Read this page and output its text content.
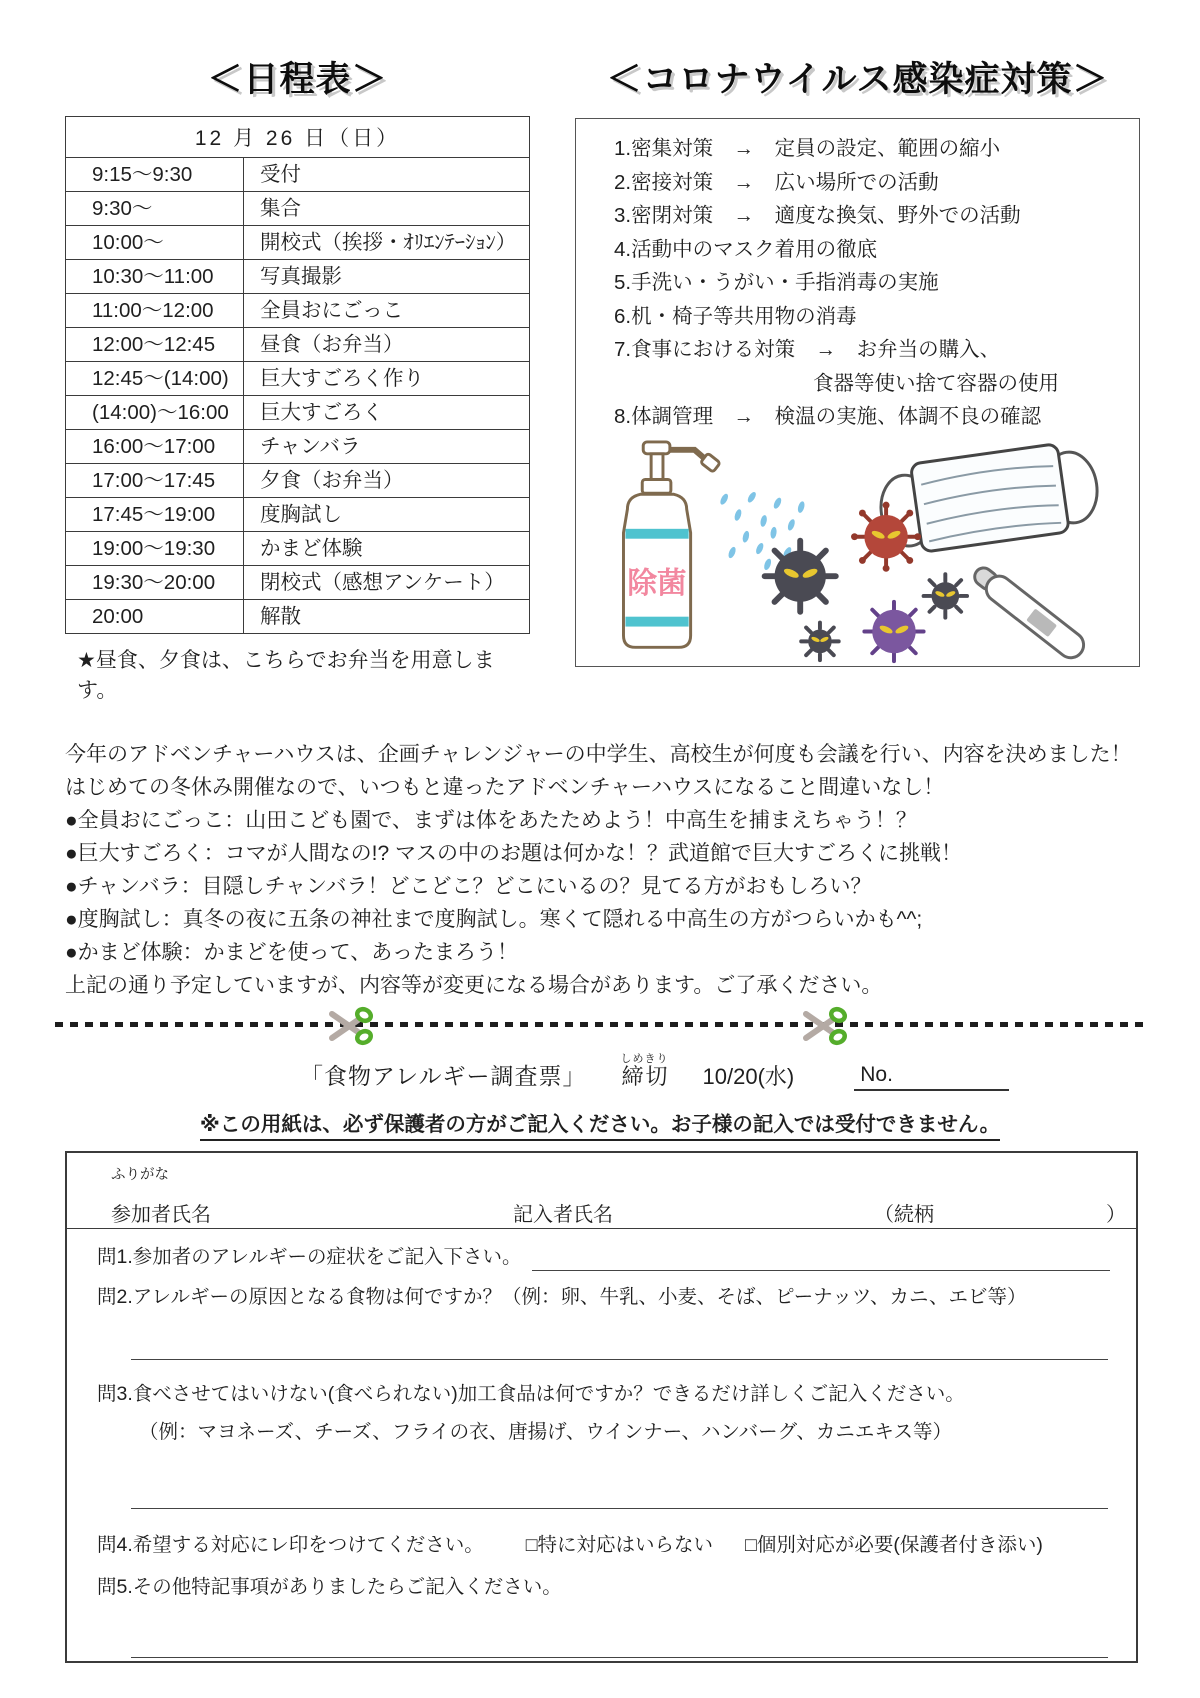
＜日程表＞
12 月 26 日（日）	
9:15～9:30	受付
9:30～	集合
10:00～	開校式（挨拶・ｵﾘｴﾝﾃｰｼｮﾝ）
10:30～11:00	写真撮影
11:00～12:00	全員おにごっこ
12:00～12:45	昼食（お弁当）
12:45～(14:00)	巨大すごろく作り
(14:00)～16:00	巨大すごろく
16:00～17:00	チャンバラ
17:00～17:45	夕食（お弁当）
17:45～19:00	度胸試し
19:00～19:30	かまど体験
19:30～20:00	閉校式（感想アンケート）
20:00	解散

★昼食、夕食は、こちらでお弁当を用意します。

＜コロナウイルス感染症対策＞
1.密集対策　→　定員の設定、範囲の縮小
2.密接対策　→　広い場所での活動
3.密閉対策　→　適度な換気、野外での活動
4.活動中のマスク着用の徹底
5.手洗い・うがい・手指消毒の実施
6.机・椅子等共用物の消毒
7.食事における対策　→　お弁当の購入、
食器等使い捨て容器の使用
8.体調管理　→　検温の実施、体調不良の確認
除菌

今年のアドベンチャーハウスは、企画チャレンジャーの中学生、高校生が何度も会議を行い、内容を決めました！はじめての冬休み開催なので、いつもと違ったアドベンチャーハウスになること間違いなし！

●全員おにごっこ：山田こども園で、まずは体をあたためよう！中高生を捕まえちゃう！？

●巨大すごろく：コマが人間なの!? マスの中のお題は何かな！？武道館で巨大すごろくに挑戦！

●チャンバラ：目隠しチャンバラ！どこどこ？どこにいるの？見てる方がおもしろい？

●度胸試し：真冬の夜に五条の神社まで度胸試し。寒くて隠れる中高生の方がつらいかも^^;

●かまど体験：かまどを使って、あったまろう！

上記の通り予定していますが、内容等が変更になる場合があります。ご了承ください。

「食物アレルギー調査票」 締切しめきり
10/20(水)	No.

※この用紙は、必ず保護者の方がご記入ください。お子様の記入では受付できません。

ふりがな
参加者氏名	記入者氏名	（続柄	）
問1.参加者のアレルギーの症状をご記入下さい。
問2.アレルギーの原因となる食物は何ですか？（例：卵、牛乳、小麦、そば、ピーナッツ、カニ、エビ等）
問3.食べさせてはいけない(食べられない)加工食品は何ですか？できるだけ詳しくご記入ください。
（例：マヨネーズ、チーズ、フライの衣、唐揚げ、ウインナー、ハンバーグ、カニエキス等）
問4.希望する対応にレ印をつけてください。 □特に対応はいらない □個別対応が必要(保護者付き添い)
問5.その他特記事項がありましたらご記入ください。
